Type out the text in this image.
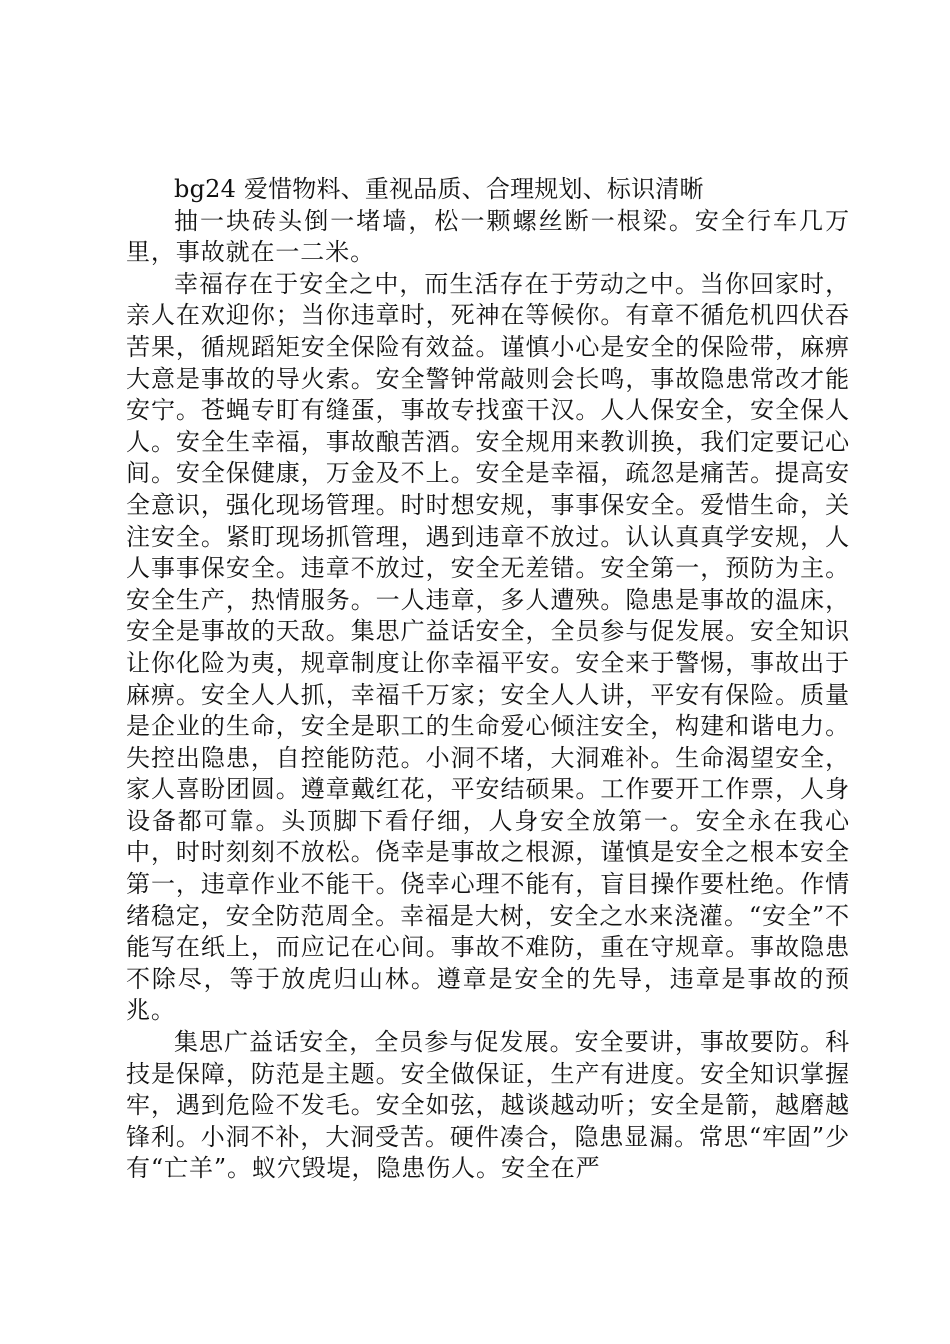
bg24 爱惜物料、重视品质、合理规划、标识清晰

抽一块砖头倒一堵墙，松一颗螺丝断一根梁。安全行车几万里，事故就在一二米。

幸福存在于安全之中，而生活存在于劳动之中。当你回家时，亲人在欢迎你；当你违章时，死神在等候你。有章不循危机四伏吞苦果，循规蹈矩安全保险有效益。谨慎小心是安全的保险带，麻痹大意是事故的导火索。安全警钟常敲则会长鸣，事故隐患常改才能安宁。苍蝇专盯有缝蛋，事故专找蛮干汉。人人保安全，安全保人人。安全生幸福，事故酿苦酒。安全规用来教训换，我们定要记心间。安全保健康，万金及不上。安全是幸福，疏忽是痛苦。提高安全意识，强化现场管理。时时想安规，事事保安全。爱惜生命，关注安全。紧盯现场抓管理，遇到违章不放过。认认真真学安规，人人事事保安全。违章不放过，安全无差错。安全第一，预防为主。安全生产，热情服务。一人违章，多人遭殃。隐患是事故的温床，安全是事故的天敌。集思广益话安全，全员参与促发展。安全知识让你化险为夷，规章制度让你幸福平安。安全来于警惕，事故出于麻痹。安全人人抓，幸福千万家；安全人人讲，平安有保险。质量是企业的生命，安全是职工的生命爱心倾注安全，构建和谐电力。失控出隐患，自控能防范。小洞不堵，大洞难补。生命渴望安全，家人喜盼团圆。遵章戴红花，平安结硕果。工作要开工作票，人身设备都可靠。头顶脚下看仔细，人身安全放第一。安全永在我心中，时时刻刻不放松。侥幸是事故之根源，谨慎是安全之根本安全第一，违章作业不能干。侥幸心理不能有，盲目操作要杜绝。作情绪稳定，安全防范周全。幸福是大树，安全之水来浇灌。“安全”不能写在纸上，而应记在心间。事故不难防，重在守规章。事故隐患不除尽，等于放虎归山林。遵章是安全的先导，违章是事故的预兆。

集思广益话安全，全员参与促发展。安全要讲，事故要防。科技是保障，防范是主题。安全做保证，生产有进度。安全知识掌握牢，遇到危险不发毛。安全如弦，越谈越动听；安全是箭，越磨越锋利。小洞不补，大洞受苦。硬件凑合，隐患显漏。常思“牢固”少有“亡羊”。蚁穴毁堤，隐患伤人。安全在严
